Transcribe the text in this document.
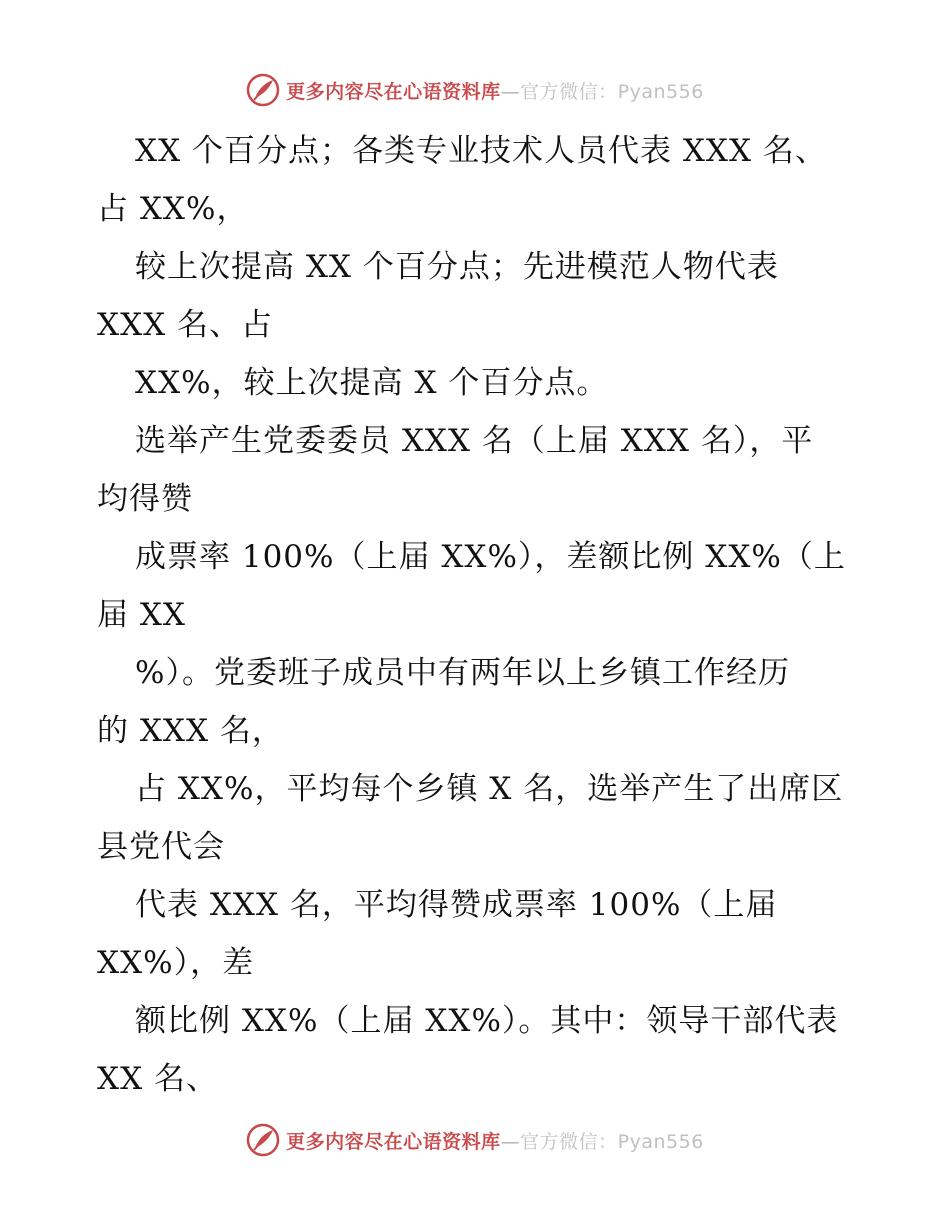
更多内容尽在心语资料库—官方微信：Pyan556
XX 个百分点；各类专业技术人员代表 XXX 名、
占 XX%，
较上次提高 XX 个百分点；先进模范人物代表
XXX 名、占
XX%，较上次提高 X 个百分点。
选举产生党委委员 XXX 名（上届 XXX 名），平
均得赞
成票率 100%（上届 XX%），差额比例 XX%（上
届 XX
%）。党委班子成员中有两年以上乡镇工作经历
的 XXX 名，
占 XX%，平均每个乡镇 X 名，选举产生了出席区
县党代会
代表 XXX 名，平均得赞成票率 100%（上届
XX%），差
额比例 XX%（上届 XX%）。其中：领导干部代表
XX 名、
更多内容尽在心语资料库—官方微信：Pyan556
